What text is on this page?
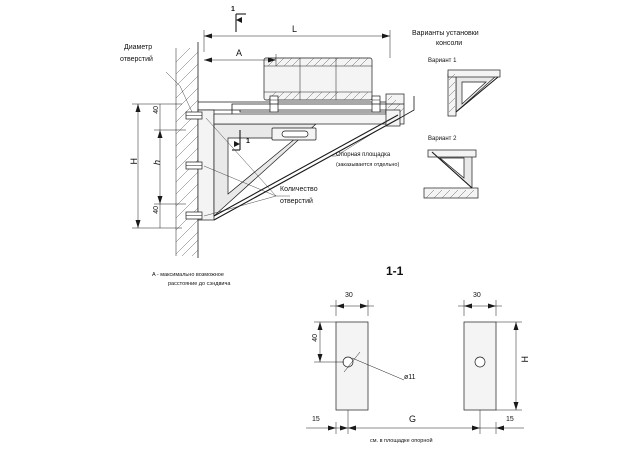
1
Диаметр
отверстий
L
A
H h
40
40
Количество
отверстий
Опорная площадка
(заказывается отдельно)
A - максимально возможное
расстояние до сэндвича
Варианты установки
консоли
Вариант 1
Вариант 2
1-1
30	30
40
ø11
H
15	15
G
см. в площадке опорной
1
